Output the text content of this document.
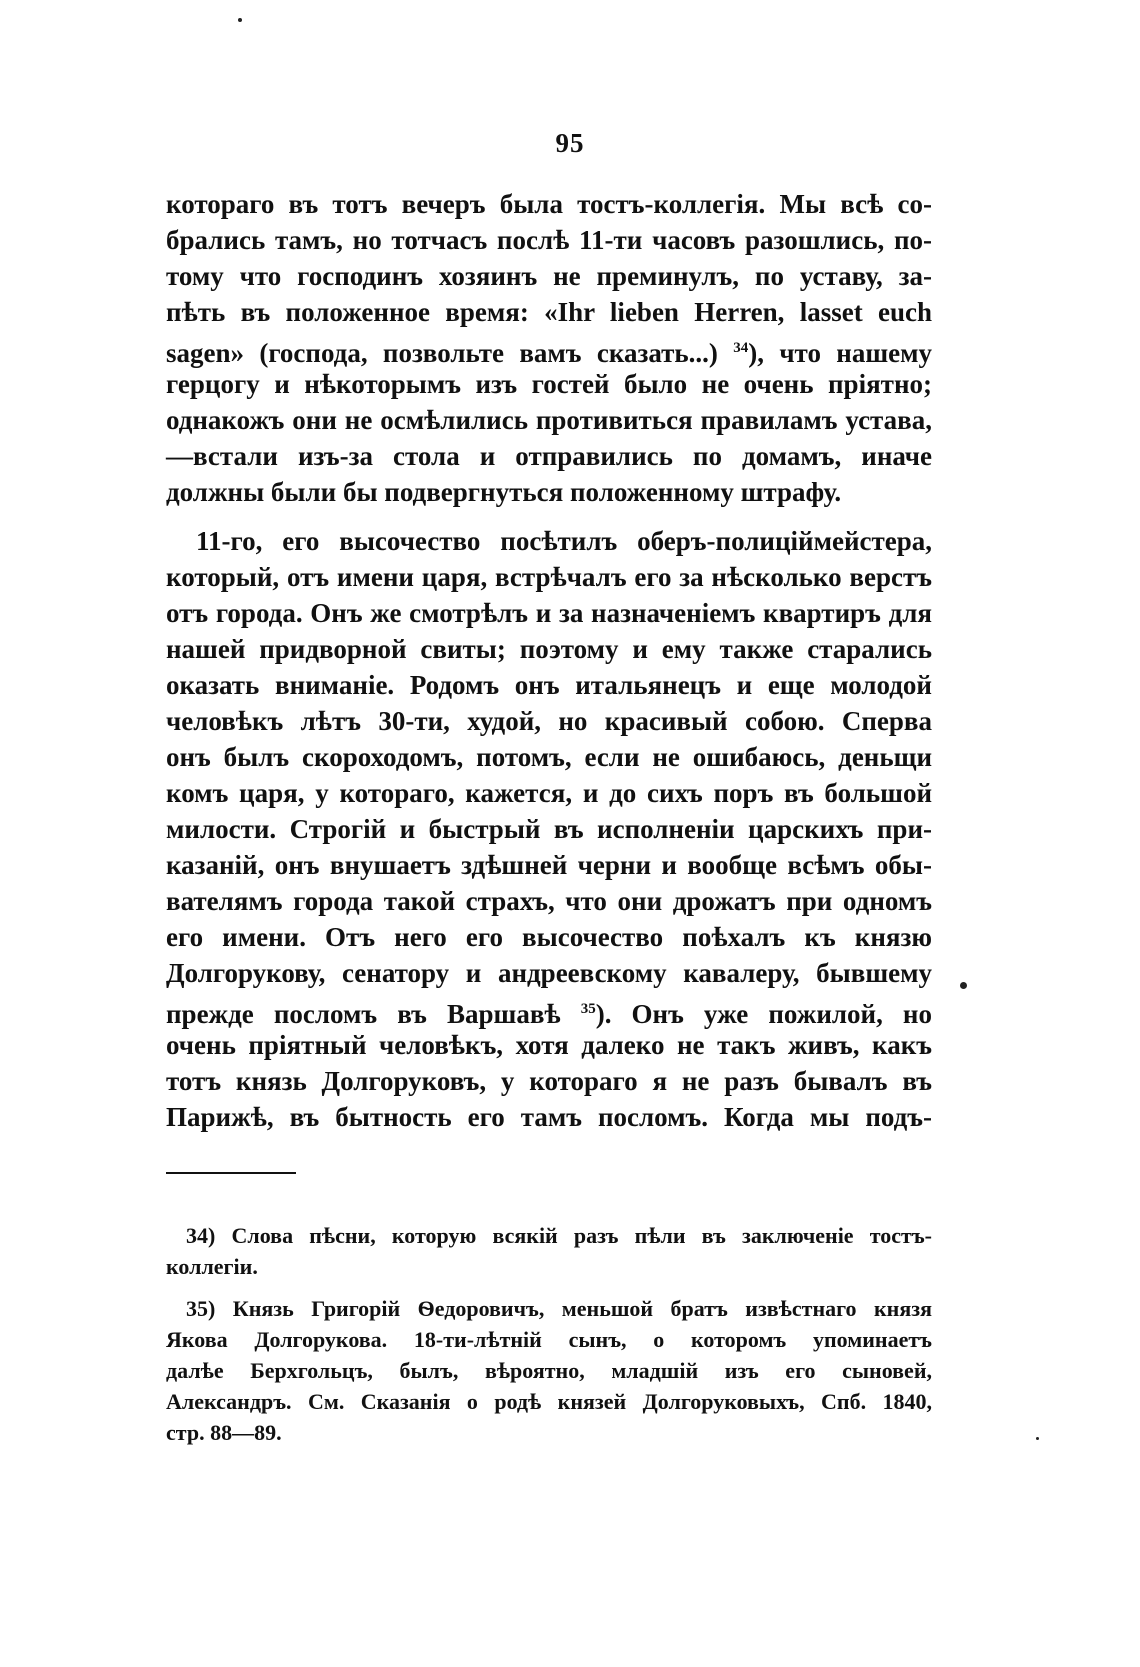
95
котораго въ тотъ вечеръ была тостъ-коллегія. Мы всѣ со-
брались тамъ, но тотчасъ послѣ 11-ти часовъ разошлись, по-
тому что господинъ хозяинъ не преминулъ, по уставу, за-
пѣть въ положенное время: «Ihr lieben Herren, lasset euch
sagen» (господа, позвольте вамъ сказать...) $^{34}$), что нашему
герцогу и нѣкоторымъ изъ гостей было не очень пріятно;
однакожъ они не осмѣлились противиться правиламъ устава,
—встали изъ-за стола и отправились по домамъ, иначе
должны были бы подвергнуться положенному штрафу.
11-го, его высочество посѣтилъ оберъ-полиціймейстера,
который, отъ имени царя, встрѣчалъ его за нѣсколько верстъ
отъ города. Онъ же смотрѣлъ и за назначеніемъ квартиръ для
нашей придворной свиты; поэтому и ему также старались
оказать вниманіе. Родомъ онъ итальянецъ и еще молодой
человѣкъ лѣтъ 30-ти, худой, но красивый собою. Сперва
онъ былъ скороходомъ, потомъ, если не ошибаюсь, деньщи
комъ царя, у котораго, кажется, и до сихъ поръ въ большой
милости. Строгій и быстрый въ исполненіи царскихъ при-
казаній, онъ внушаетъ здѣшней черни и вообще всѣмъ обы-
вателямъ города такой страхъ, что они дрожатъ при одномъ
его имени. Отъ него его высочество поѣхалъ къ князю
Долгорукову, сенатору и андреевскому кавалеру, бывшему
прежде посломъ въ Варшавѣ $^{35}$). Онъ уже пожилой, но
очень пріятный человѣкъ, хотя далеко не такъ живъ, какъ
тотъ князь Долгоруковъ, у котораго я не разъ бывалъ въ
Парижѣ, въ бытность его тамъ посломъ. Когда мы подъ-
34) Слова пѣсни, которую всякій разъ пѣли въ заключеніе тостъ-
коллегіи.
35) Князь Григорій Ѳедоровичъ, меньшой братъ извѣстнаго князя
Якова Долгорукова. 18-ти-лѣтній сынъ, о которомъ упоминаетъ
далѣе Берхгольцъ, былъ, вѣроятно, младшій изъ его сыновей,
Александръ. См. Сказанія о родѣ князей Долгоруковыхъ, Спб. 1840,
стр. 88—89.
